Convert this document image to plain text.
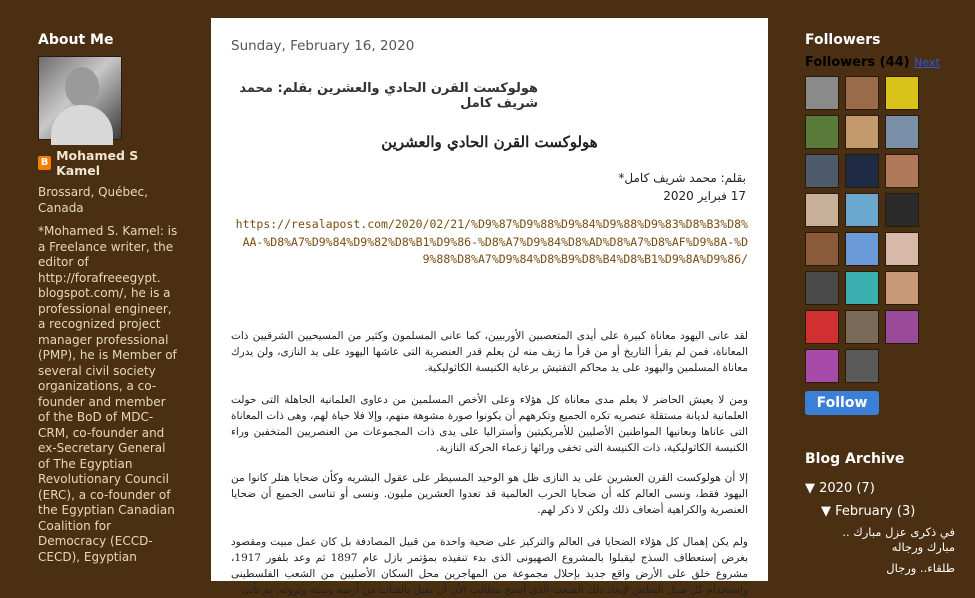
About Me
B Mohamed S Kamel
Brossard, Québec, Canada
*Mohamed S. Kamel: is a Freelance writer, the editor of http://forafreeegypt. blogspot.com/, he is a professional engineer, a recognized project manager professional (PMP), he is Member of several civil society organizations, a co-founder and member of the BoD of MDC-CRM, co-founder and ex-Secretary General of The Egyptian Revolutionary Council (ERC), a co-founder of the Egyptian Canadian Coalition for Democracy (ECCD-CECD), Egyptian
Sunday, February 16, 2020
هولوكست القرن الحادي والعشرين بقلم: محمد شريف كامل
هولوكست القرن الحادي والعشرين
بقلم: محمد شريف كامل*
17 فبراير 2020
https://resalapost.com/2020/02/21/%D9%87%D9%88%D9%84%D9%88%D9%83%D8%B3%D8%AA-%D8%A7%D9%84%D9%82%D8%B1%D9%86-%D8%A7%D9%84%D8%AD%D8%A7%D8%AF%D9%8A-%D9%88%D8%A7%D9%84%D8%B9%D8%B4%D8%B1%D9%8A%D9%86/
لقد عانى اليهود معاناة كبيرة على أيدى المتعصبين الأوربيين، كما عانى المسلمون وكثير من المسيحيين الشرقيين ذات المعاناة، فمن لم يقرأ التاريخ أو من قرأ ما زيف منه لن يعلم قدر العنصرية التى عاشها اليهود على يد النازى، ولن يدرك معاناة المسلمين واليهود على يد محاكم التفتيش برعاية الكنيسة الكاثوليكية.
ومن لا يعيش الحاضر لا يعلم مدى معاناة كل هؤلاء وعلى الأخص المسلمين من دعاوى العلمانية الجاهلة التى حولت العلمانية لديانة مستقلة عنصريه تكره الجميع وتكرههم أن يكونوا صورة مشوهة منهم، وإلا فلا حياة لهم، وهى ذات المعاناة التى عاناها وبعانيها المواطنين الأصليين للأمريكيتين وأستراليا على يدى ذات المجموعات من العنصريين المتخفين وراء الكنيسة الكاثوليكية، ذات الكنيسة التى تخفى ورائها زعماء الحركة النازية.
إلا أن هولوكست القرن العشرين على يد النازى ظل هو الوحيد المسيطر على عقول البشريه وكأن ضحايا هتلر كانوا من اليهود فقط، ونسى العالم كله أن ضحايا الحرب العالمية قد تعدوا العشرين مليون. ونسى أو تناسى الجميع أن ضحايا العنصرية والكراهية أضعاف ذلك ولكن لا ذكر لهم.
ولم يكن إهمال كل هؤلاء الضحايا فى العالم والتركيز على ضحية واحدة من قبيل المصادفة بل كان عمل مبيت ومقصود بغرض إستعطاف السذج ليقبلوا بالمشروع الصهيونى الذى بدء تنفيذه بمؤتمر بازل عام 1897 ثم وعد بلفور 1917، مشروع خلق على الأرض واقع جديد بإحلال مجموعة من المهاجرين محل السكان الأصليين من الشعب الفلسطينى وإستخدام كل سبل البطش لإبعاد ذلك الشعب الذى أصبح مطالب الأن أن يقبل بالفتات من أرضه وبيئته وثروته، ثم تأتى
Followers
Followers (44) Next
Follow
Blog Archive
▼ 2020 (7)
▼ February (3)
في ذكرى عزل مبارك .. مبارك ورجاله
طلقاء.. ورجال
